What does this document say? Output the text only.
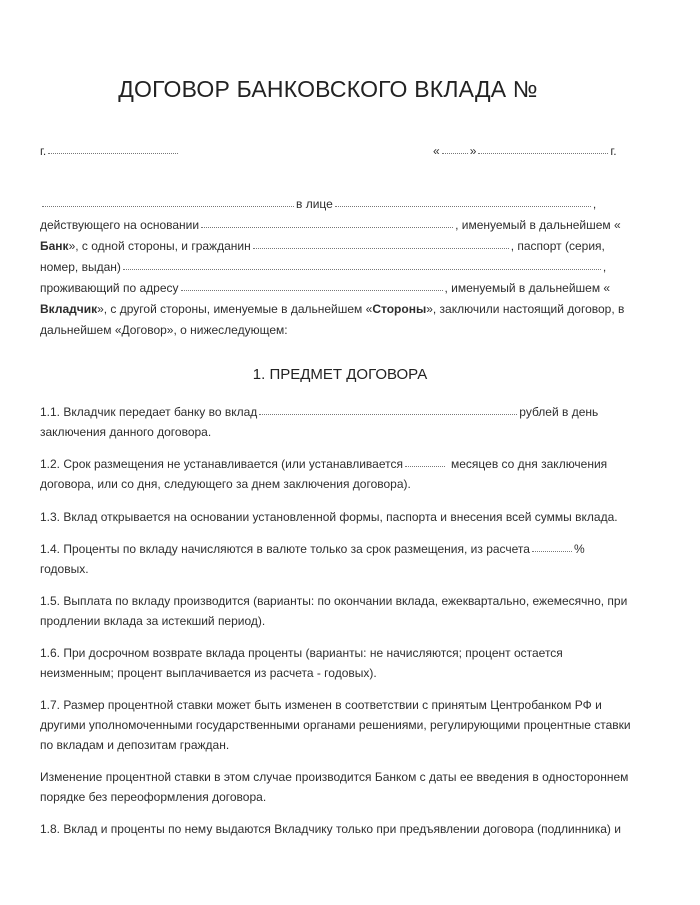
ДОГОВОР БАНКОВСКОГО ВКЛАДА №
г.	«	»	г.
в лице	,
действующего на основании	, именуемый в дальнейшем «
Банк», с одной стороны, и гражданин	, паспорт (серия,
номер, выдан)	,
проживающий по адресу	, именуемый в дальнейшем «
Вкладчик», с другой стороны, именуемые в дальнейшем «Стороны», заключили настоящий договор, в
дальнейшем «Договор», о нижеследующем:
1. ПРЕДМЕТ ДОГОВОРА
1.1. Вкладчик передает банку во вклад	рублей в день
заключения данного договора.
1.2. Срок размещения не устанавливается (или устанавливается	месяцев со дня заключения
договора, или со дня, следующего за днем заключения договора).
1.3. Вклад открывается на основании установленной формы, паспорта и внесения всей суммы вклада.
1.4. Проценты по вкладу начисляются в валюте только за срок размещения, из расчета	%
годовых.
1.5. Выплата по вкладу производится (варианты: по окончании вклада, ежеквартально, ежемесячно, при
продлении вклада за истекший период).
1.6. При досрочном возврате вклада проценты (варианты: не начисляются; процент остается
неизменным; процент выплачивается из расчета - годовых).
1.7. Размер процентной ставки может быть изменен в соответствии с принятым Центробанком РФ и
другими уполномоченными государственными органами решениями, регулирующими процентные ставки
по вкладам и депозитам граждан.
Изменение процентной ставки в этом случае производится Банком с даты ее введения в одностороннем
порядке без переоформления договора.
1.8. Вклад и проценты по нему выдаются Вкладчику только при предъявлении договора (подлинника) и
